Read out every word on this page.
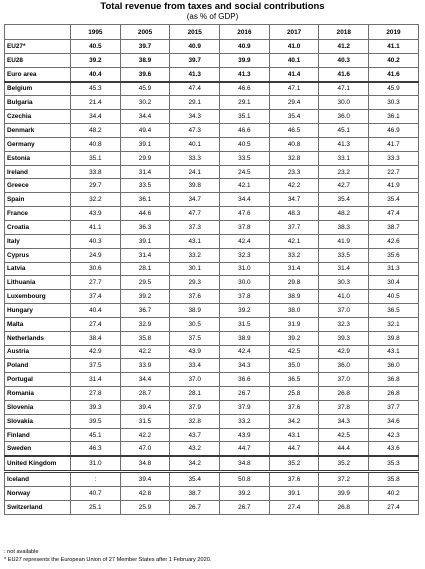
Total revenue from taxes and social contributions
(as % of GDP)
	1995	2005	2015	2016	2017	2018	2019
EU27*	40.5	39.7	40.9	40.9	41.0	41.2	41.1
EU28	39.2	38.9	39.7	39.9	40.1	40.3	40.2
Euro area	40.4	39.6	41.3	41.3	41.4	41.6	41.6
Belgium	45.3	45.9	47.4	46.6	47.1	47.1	45.9
Bulgaria	21.4	30.2	29.1	29.1	29.4	30.0	30.3
Czechia	34.4	34.4	34.3	35.1	35.4	36.0	36.1
Denmark	48.2	49.4	47.3	46.6	46.5	45.1	46.9
Germany	40.8	39.1	40.1	40.5	40.8	41.3	41.7
Estonia	35.1	29.9	33.3	33.5	32.8	33.1	33.3
Ireland	33.8	31.4	24.1	24.5	23.3	23.2	22.7
Greece	29.7	33.5	39.8	42.1	42.2	42.7	41.9
Spain	32.2	36.1	34.7	34.4	34.7	35.4	35.4
France	43.9	44.6	47.7	47.6	48.3	48.2	47.4
Croatia	41.1	36.3	37.3	37.8	37.7	38.3	38.7
Italy	40.3	39.1	43.1	42.4	42.1	41.9	42.6
Cyprus	24.9	31.4	33.2	32.3	33.2	33.5	35.6
Latvia	30.6	28.1	30.1	31.0	31.4	31.4	31.3
Lithuania	27.7	29.5	29.3	30.0	29.8	30.3	30.4
Luxembourg	37.4	39.2	37.6	37.8	38.9	41.0	40.5
Hungary	40.4	36.7	38.9	39.2	38.0	37.0	36.5
Malta	27.4	32.9	30.5	31.5	31.9	32.3	32.1
Netherlands	38.4	35.8	37.5	38.9	39.2	39.3	39.8
Austria	42.9	42.2	43.9	42.4	42.5	42.9	43.1
Poland	37.5	33.9	33.4	34.3	35.0	36.0	36.0
Portugal	31.4	34.4	37.0	36.6	36.5	37.0	36.8
Romania	27.8	28.7	28.1	26.7	25.8	26.8	26.8
Slovenia	39.3	39.4	37.9	37.9	37.6	37.8	37.7
Slovakia	39.5	31.5	32.8	33.2	34.2	34.3	34.6
Finland	45.1	42.2	43.7	43.9	43.1	42.5	42.3
Sweden	46.3	47.0	43.2	44.7	44.7	44.4	43.6
United Kingdom	31.0	34.8	34.2	34.8	35.2	35.2	35.3
Iceland	:	39.4	35.4	50.8	37.6	37.2	35.8
Norway	40.7	42.8	38.7	39.2	39.1	39.9	40.2
Switzerland	25.1	25.9	26.7	26.7	27.4	26.8	27.4
: not available
* EU27 represents the European Union of 27 Member States after 1 February 2020.
